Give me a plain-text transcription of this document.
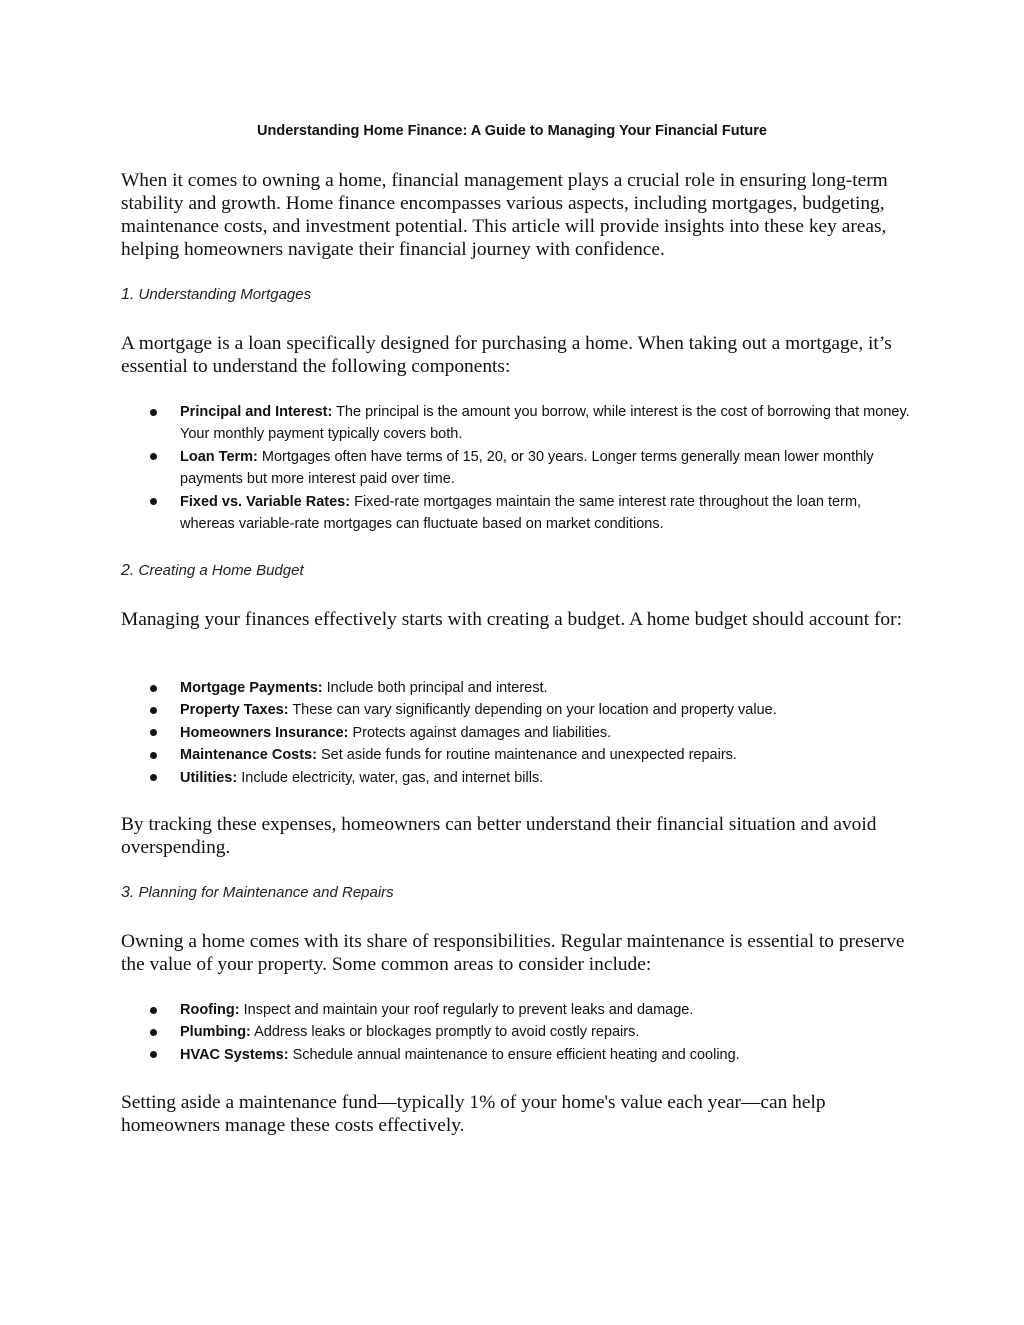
Understanding Home Finance: A Guide to Managing Your Financial Future

When it comes to owning a home, financial management plays a crucial role in ensuring long-term stability and growth. Home finance encompasses various aspects, including mortgages, budgeting, maintenance costs, and investment potential. This article will provide insights into these key areas, helping homeowners navigate their financial journey with confidence.

1. Understanding Mortgages

A mortgage is a loan specifically designed for purchasing a home. When taking out a mortgage, it’s essential to understand the following components:

Principal and Interest: The principal is the amount you borrow, while interest is the cost of borrowing that money. Your monthly payment typically covers both.
Loan Term: Mortgages often have terms of 15, 20, or 30 years. Longer terms generally mean lower monthly payments but more interest paid over time.
Fixed vs. Variable Rates: Fixed-rate mortgages maintain the same interest rate throughout the loan term, whereas variable-rate mortgages can fluctuate based on market conditions.

2. Creating a Home Budget

Managing your finances effectively starts with creating a budget. A home budget should account for:

Mortgage Payments: Include both principal and interest.
Property Taxes: These can vary significantly depending on your location and property value.
Homeowners Insurance: Protects against damages and liabilities.
Maintenance Costs: Set aside funds for routine maintenance and unexpected repairs.
Utilities: Include electricity, water, gas, and internet bills.

By tracking these expenses, homeowners can better understand their financial situation and avoid overspending.

3. Planning for Maintenance and Repairs

Owning a home comes with its share of responsibilities. Regular maintenance is essential to preserve the value of your property. Some common areas to consider include:

Roofing: Inspect and maintain your roof regularly to prevent leaks and damage.
Plumbing: Address leaks or blockages promptly to avoid costly repairs.
HVAC Systems: Schedule annual maintenance to ensure efficient heating and cooling.

Setting aside a maintenance fund—typically 1% of your home's value each year—can help homeowners manage these costs effectively.
